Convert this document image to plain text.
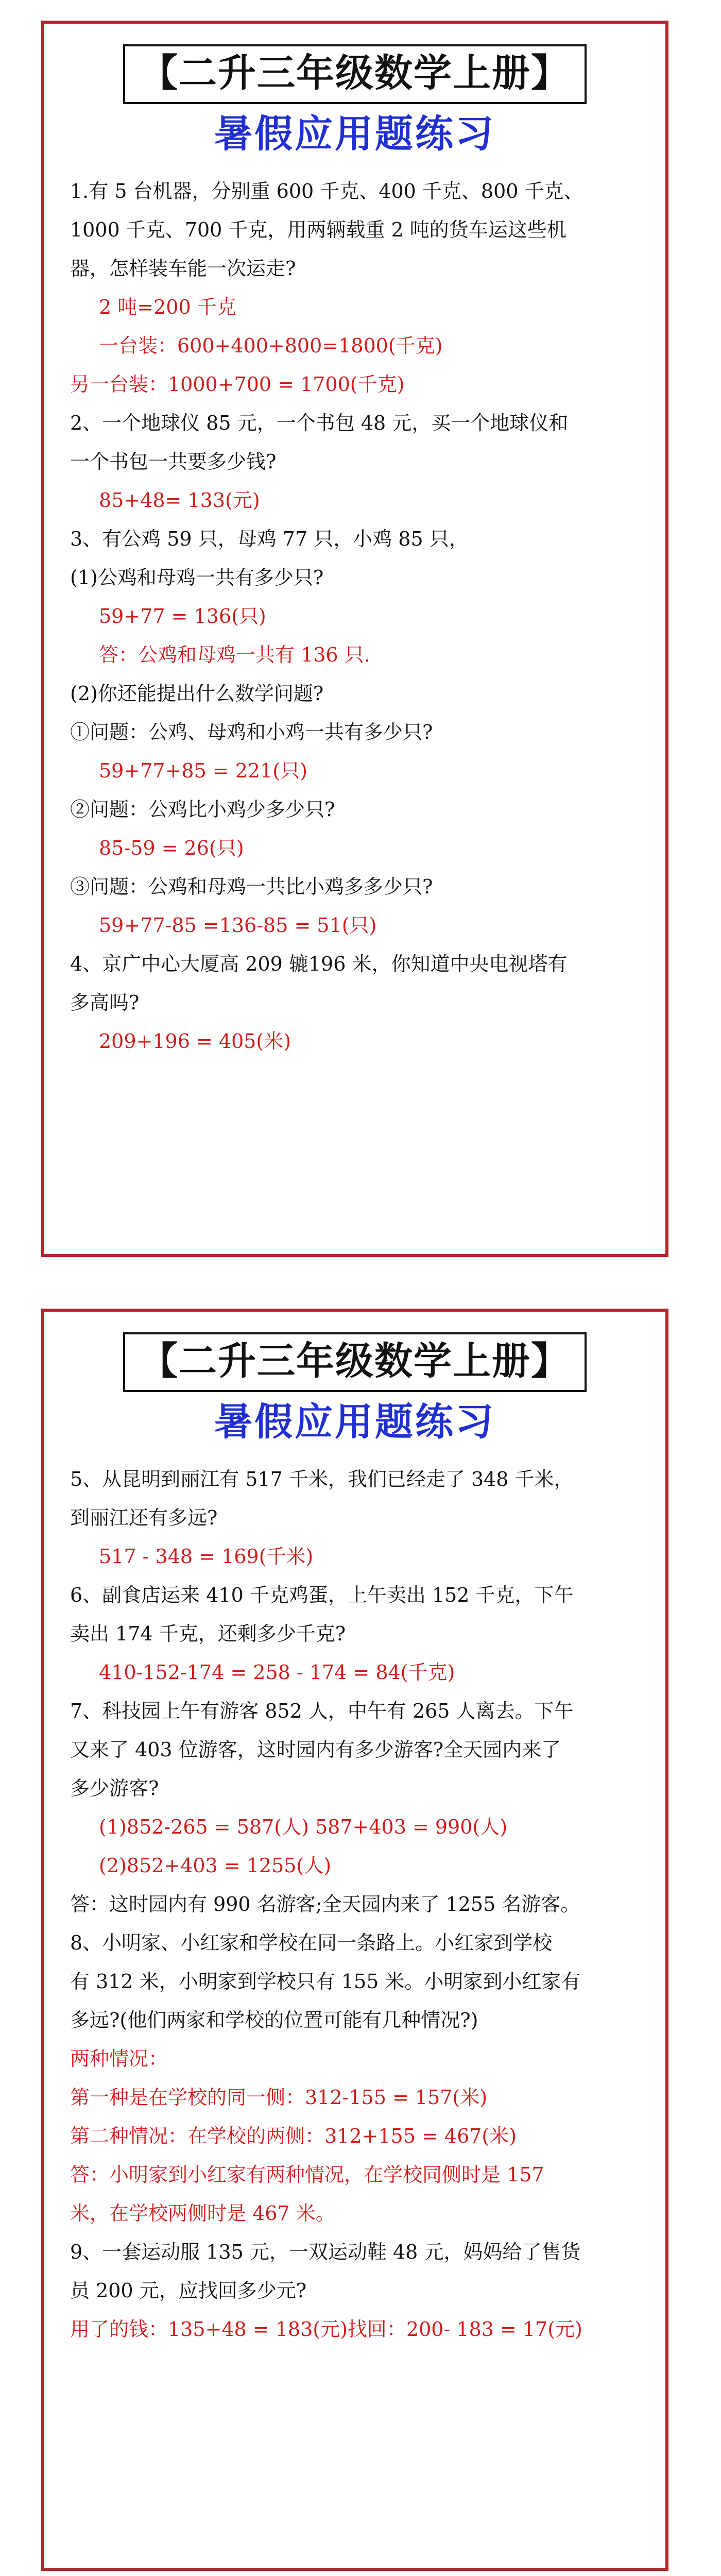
【二升三年级数学上册】
暑假应用题练习
1.有 5 台机器，分别重 600 千克、400 千克、800 千克、
1000 千克、700 千克，用两辆载重 2 吨的货车运这些机
器，怎样装车能一次运走?
2 吨=200 千克
一台装：600+400+800=1800(千克)
另一台装：1000+700 = 1700(千克)
2、一个地球仪 85 元，一个书包 48 元，买一个地球仪和
一个书包一共要多少钱?
85+48= 133(元)
3、有公鸡 59 只，母鸡 77 只，小鸡 85 只，
(1)公鸡和母鸡一共有多少只?
59+77 = 136(只)
答：公鸡和母鸡一共有 136 只.
(2)你还能提出什么数学问题?
①问题：公鸡、母鸡和小鸡一共有多少只?
59+77+85 = 221(只)
②问题：公鸡比小鸡少多少只?
85-59 = 26(只)
③问题：公鸡和母鸡一共比小鸡多多少只?
59+77-85 =136-85 = 51(只)
4、京广中心大厦高 209 辘196 米，你知道中央电视塔有
多高吗?
209+196 = 405(米)
【二升三年级数学上册】
暑假应用题练习
5、从昆明到丽江有 517 千米，我们已经走了 348 千米，
到丽江还有多远?
517 - 348 = 169(千米)
6、副食店运来 410 千克鸡蛋，上午卖出 152 千克，下午
卖出 174 千克，还剩多少千克?
410-152-174 = 258 - 174 = 84(千克)
7、科技园上午有游客 852 人，中午有 265 人离去。下午
又来了 403 位游客，这时园内有多少游客?全天园内来了
多少游客?
(1)852-265 = 587(人) 587+403 = 990(人)
(2)852+403 = 1255(人)
答：这时园内有 990 名游客;全天园内来了 1255 名游客。
8、小明家、小红家和学校在同一条路上。小红家到学校
有 312 米，小明家到学校只有 155 米。小明家到小红家有
多远?(他们两家和学校的位置可能有几种情况?)
两种情况：
第一种是在学校的同一侧：312-155 = 157(米)
第二种情况：在学校的两侧：312+155 = 467(米)
答：小明家到小红家有两种情况，在学校同侧时是 157
米，在学校两侧时是 467 米。
9、一套运动服 135 元，一双运动鞋 48 元，妈妈给了售货
员 200 元，应找回多少元?
用了的钱：135+48 = 183(元)找回：200- 183 = 17(元)
